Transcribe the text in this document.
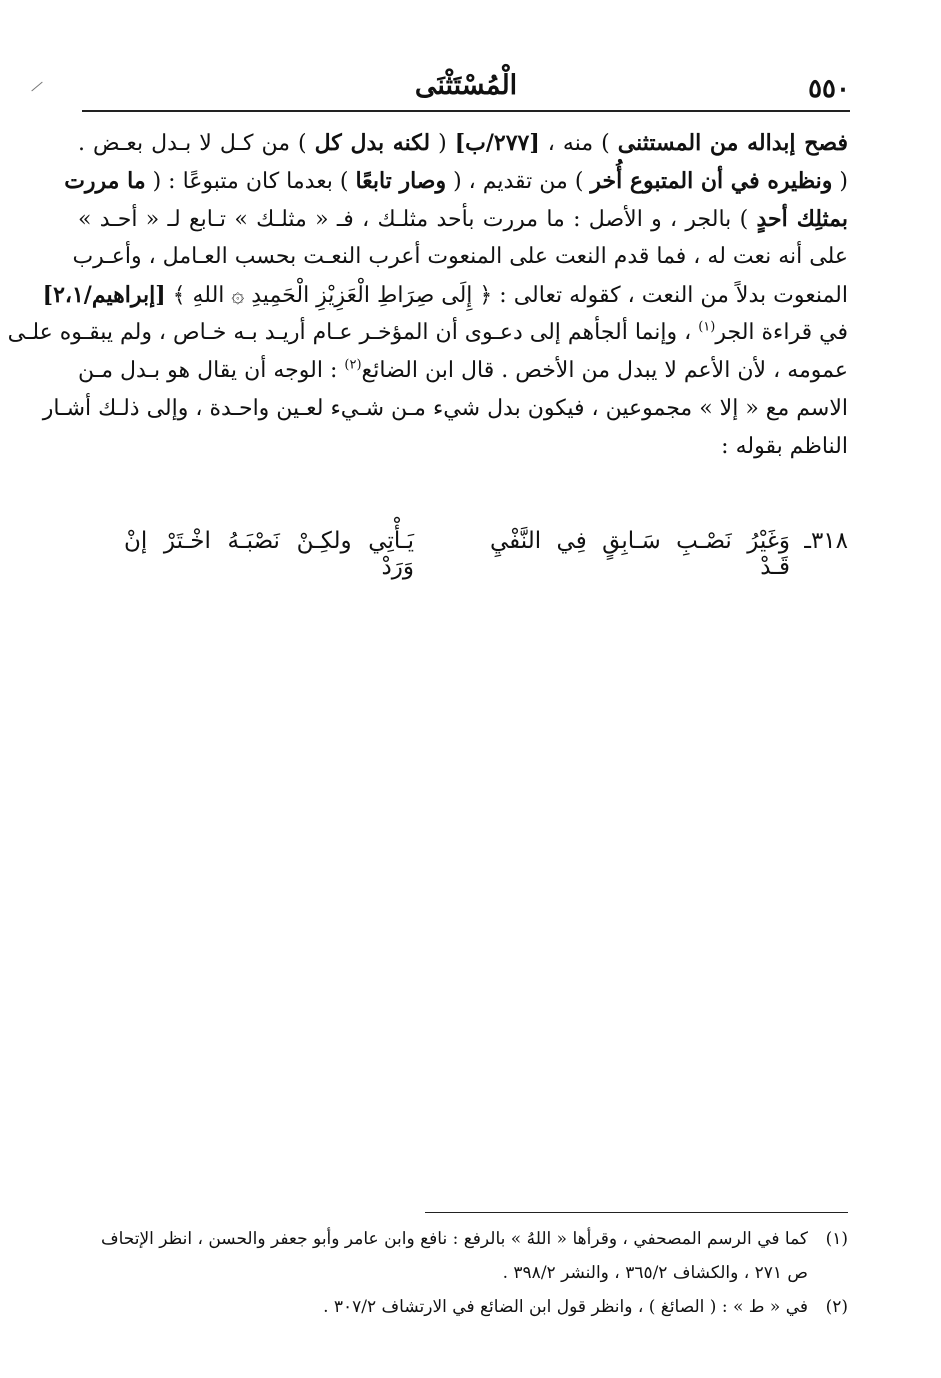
٥٥٠
الْمُسْتَثْنَى
فصح إبداله من المستثنى ) منه ، [٢٧٧/ب] ( لكنه بدل كل ) من كـل لا بـدل بعـض .
( ونظيره في أن المتبوع أُخر ) من تقديم ، ( وصار تابعًا ) بعدما كان متبوعًا : ( ما مررت
بمثلِك أحدٍ ) بالجر ، و الأصل : ما مررت بأحد مثلـك ، فـ « مثلـك » تـابع لـ « أحـد »
على أنه نعت له ، فما قدم النعت على المنعوت أعرب النعـت بحسب العـامل ، وأعـرب
المنعوت بدلاً من النعت ، كقوله تعالى : ﴿ إِلَى صِرَاطِ الْعَزِيْزِ الْحَمِيدِ ۞ اللهِ ﴾ [إبراهيم/٢،١]
في قراءة الجر$^{(١)}$ ، وإنما ألجأهم إلى دعـوى أن المؤخـر عـام أريـد بـه خـاص ، ولم يبقـوه علـى
عمومه ، لأن الأعم لا يبدل من الأخص . قال ابن الضائع$^{(٢)}$ : الوجه أن يقال هو بـدل مـن
الاسم مع « إلا » مجموعين ، فيكون بدل شيء مـن شـيء لعـين واحـدة ، وإلى ذلـك أشـار
الناظم بقوله :
٣١٨ـ
وَغَيْرُ نَصْـبِ سَـابِقٍ فِي النَّفْيِ قَـدْ
يَـأْتِي ولكِـنْ نَصْبَـهُ اخْـتَرْ إنْ وَرَدْ
(١)كما في الرسم المصحفي ، وقرأها « اللهُ » بالرفع : نافع وابن عامر وأبو جعفر والحسن ، انظر الإتحاف
ص ٢٧١ ، والكشاف ٣٦٥/٢ ، والنشر ٣٩٨/٢ .
(٢)في « ط » : ( الصائغ ) ، وانظر قول ابن الضائع في الارتشاف ٣٠٧/٢ .
